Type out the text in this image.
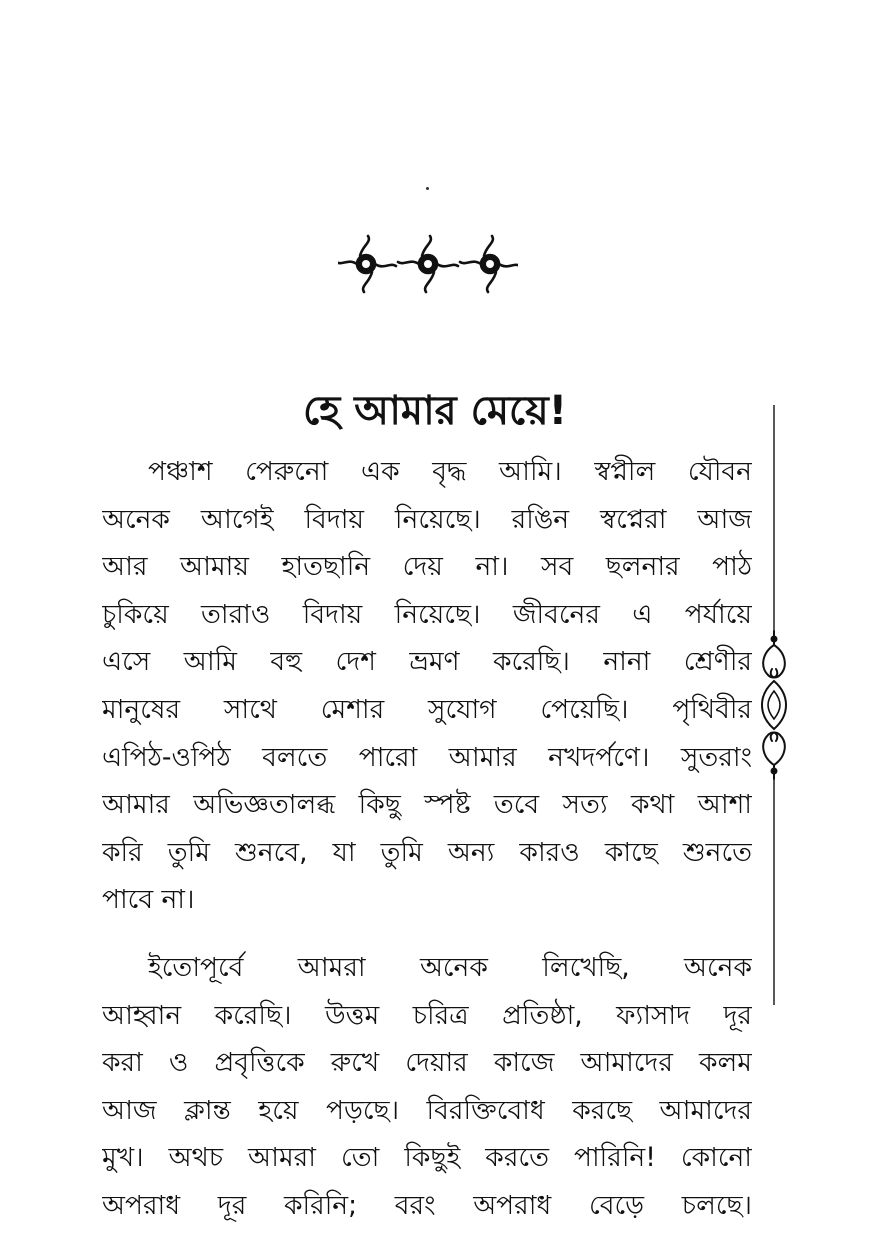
হে আমার মেয়ে!
পঞ্চাশ পেরুনো এক বৃদ্ধ আমি। স্বপ্নীল যৌবন
অনেক আগেই বিদায় নিয়েছে। রঙিন স্বপ্নেরা আজ
আর আমায় হাতছানি দেয় না। সব ছলনার পাঠ
চুকিয়ে তারাও বিদায় নিয়েছে। জীবনের এ পর্যায়ে
এসে আমি বহু দেশ ভ্রমণ করেছি। নানা শ্রেণীর
মানুষের সাথে মেশার সুযোগ পেয়েছি। পৃথিবীর
এপিঠ-ওপিঠ বলতে পারো আমার নখদর্পণে। সুতরাং
আমার অভিজ্ঞতালব্ধ কিছু স্পষ্ট তবে সত্য কথা আশা
করি তুমি শুনবে, যা তুমি অন্য কারও কাছে শুনতে
পাবে না।
ইতোপূর্বে আমরা অনেক লিখেছি, অনেক
আহ্বান করেছি। উত্তম চরিত্র প্রতিষ্ঠা, ফ্যাসাদ দূর
করা ও প্রবৃত্তিকে রুখে দেয়ার কাজে আমাদের কলম
আজ ক্লান্ত হয়ে পড়ছে। বিরক্তিবোধ করছে আমাদের
মুখ। অথচ আমরা তো কিছুই করতে পারিনি! কোনো
অপরাধ দূর করিনি; বরং অপরাধ বেড়ে চলছে।
